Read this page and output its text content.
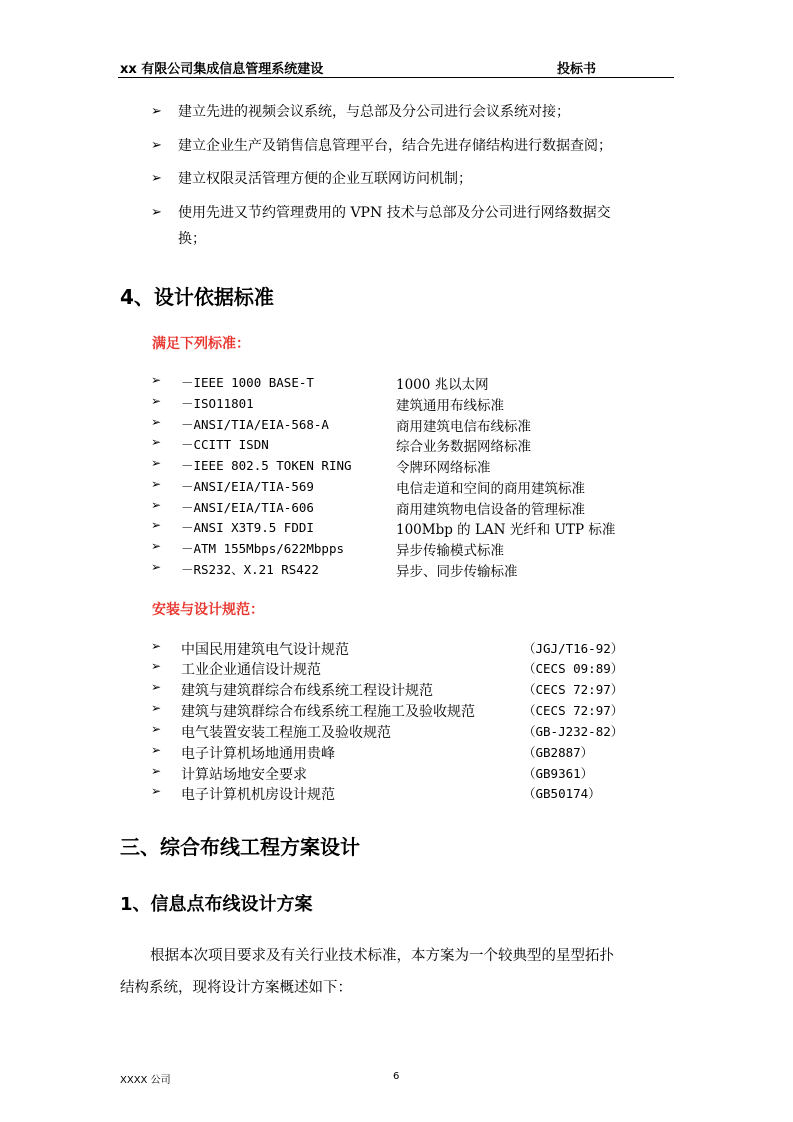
xx 有限公司集成信息管理系统建设	投标书
➢ 建立先进的视频会议系统，与总部及分公司进行会议系统对接；
➢ 建立企业生产及销售信息管理平台，结合先进存储结构进行数据查阅；
➢ 建立权限灵活管理方便的企业互联网访问机制；
➢ 使用先进又节约管理费用的 VPN 技术与总部及分公司进行网络数据交
换；
4、设计依据标准
满足下列标准：
➢ －IEEE 1000 BASE-T	1000 兆以太网
➢ －ISO11801	建筑通用布线标准
➢ －ANSI/TIA/EIA-568-A	商用建筑电信布线标准
➢ －CCITT ISDN	综合业务数据网络标准
➢ －IEEE 802.5 TOKEN RING	令牌环网络标准
➢ －ANSI/EIA/TIA-569	电信走道和空间的商用建筑标准
➢ －ANSI/EIA/TIA-606	商用建筑物电信设备的管理标准
➢ －ANSI X3T9.5 FDDI	100Mbp 的 LAN 光纤和 UTP 标准
➢ －ATM 155Mbps/622Mbpps	异步传输模式标准
➢ －RS232、X.21 RS422	异步、同步传输标准
安装与设计规范：
➢ 中国民用建筑电气设计规范	（JGJ/T16-92）
➢ 工业企业通信设计规范	（CECS 09:89）
➢ 建筑与建筑群综合布线系统工程设计规范	（CECS 72:97）
➢ 建筑与建筑群综合布线系统工程施工及验收规范	（CECS 72:97）
➢ 电气装置安装工程施工及验收规范	（GB-J232-82）
➢ 电子计算机场地通用贵峰	（GB2887）
➢ 计算站场地安全要求	（GB9361）
➢ 电子计算机机房设计规范	（GB50174）
三、综合布线工程方案设计
1、信息点布线设计方案
根据本次项目要求及有关行业技术标准，本方案为一个较典型的星型拓扑
结构系统，现将设计方案概述如下：
XXXX 公司	6
